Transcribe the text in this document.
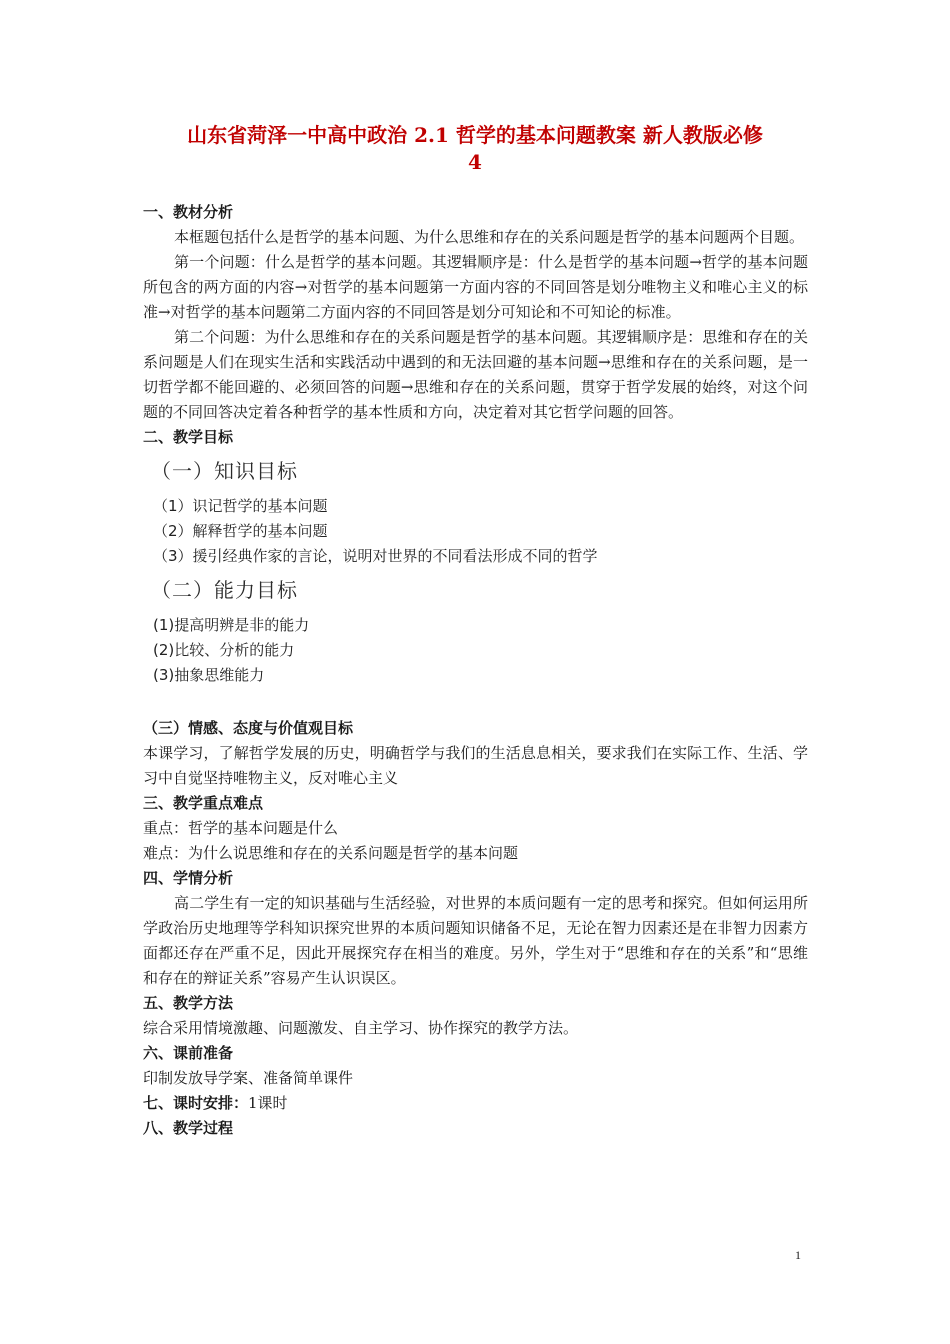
山东省菏泽一中高中政治 2.1 哲学的基本问题教案 新人教版必修
4

一、教材分析

本框题包括什么是哲学的基本问题、为什么思维和存在的关系问题是哲学的基本问题两个目题。

第一个问题：什么是哲学的基本问题。其逻辑顺序是：什么是哲学的基本问题→哲学的基本问题所包含的两方面的内容→对哲学的基本问题第一方面内容的不同回答是划分唯物主义和唯心主义的标准→对哲学的基本问题第二方面内容的不同回答是划分可知论和不可知论的标准。

第二个问题：为什么思维和存在的关系问题是哲学的基本问题。其逻辑顺序是：思维和存在的关系问题是人们在现实生活和实践活动中遇到的和无法回避的基本问题→思维和存在的关系问题，是一切哲学都不能回避的、必须回答的问题→思维和存在的关系问题，贯穿于哲学发展的始终，对这个问题的不同回答决定着各种哲学的基本性质和方向，决定着对其它哲学问题的回答。

二、教学目标

（一）知识目标

（1）识记哲学的基本问题

（2）解释哲学的基本问题

（3）援引经典作家的言论，说明对世界的不同看法形成不同的哲学

（二）能力目标

(1)提高明辨是非的能力

(2)比较、分析的能力

(3)抽象思维能力

（三）情感、态度与价值观目标

本课学习，了解哲学发展的历史，明确哲学与我们的生活息息相关，要求我们在实际工作、生活、学习中自觉坚持唯物主义，反对唯心主义

三、教学重点难点

重点：哲学的基本问题是什么

难点：为什么说思维和存在的关系问题是哲学的基本问题

四、学情分析

高二学生有一定的知识基础与生活经验，对世界的本质问题有一定的思考和探究。但如何运用所学政治历史地理等学科知识探究世界的本质问题知识储备不足，无论在智力因素还是在非智力因素方面都还存在严重不足，因此开展探究存在相当的难度。另外，学生对于“思维和存在的关系”和“思维和存在的辩证关系”容易产生认识误区。

五、教学方法

综合采用情境激趣、问题激发、自主学习、协作探究的教学方法。

六、课前准备

印制发放导学案、准备简单课件

七、课时安排：1课时

八、教学过程

1
